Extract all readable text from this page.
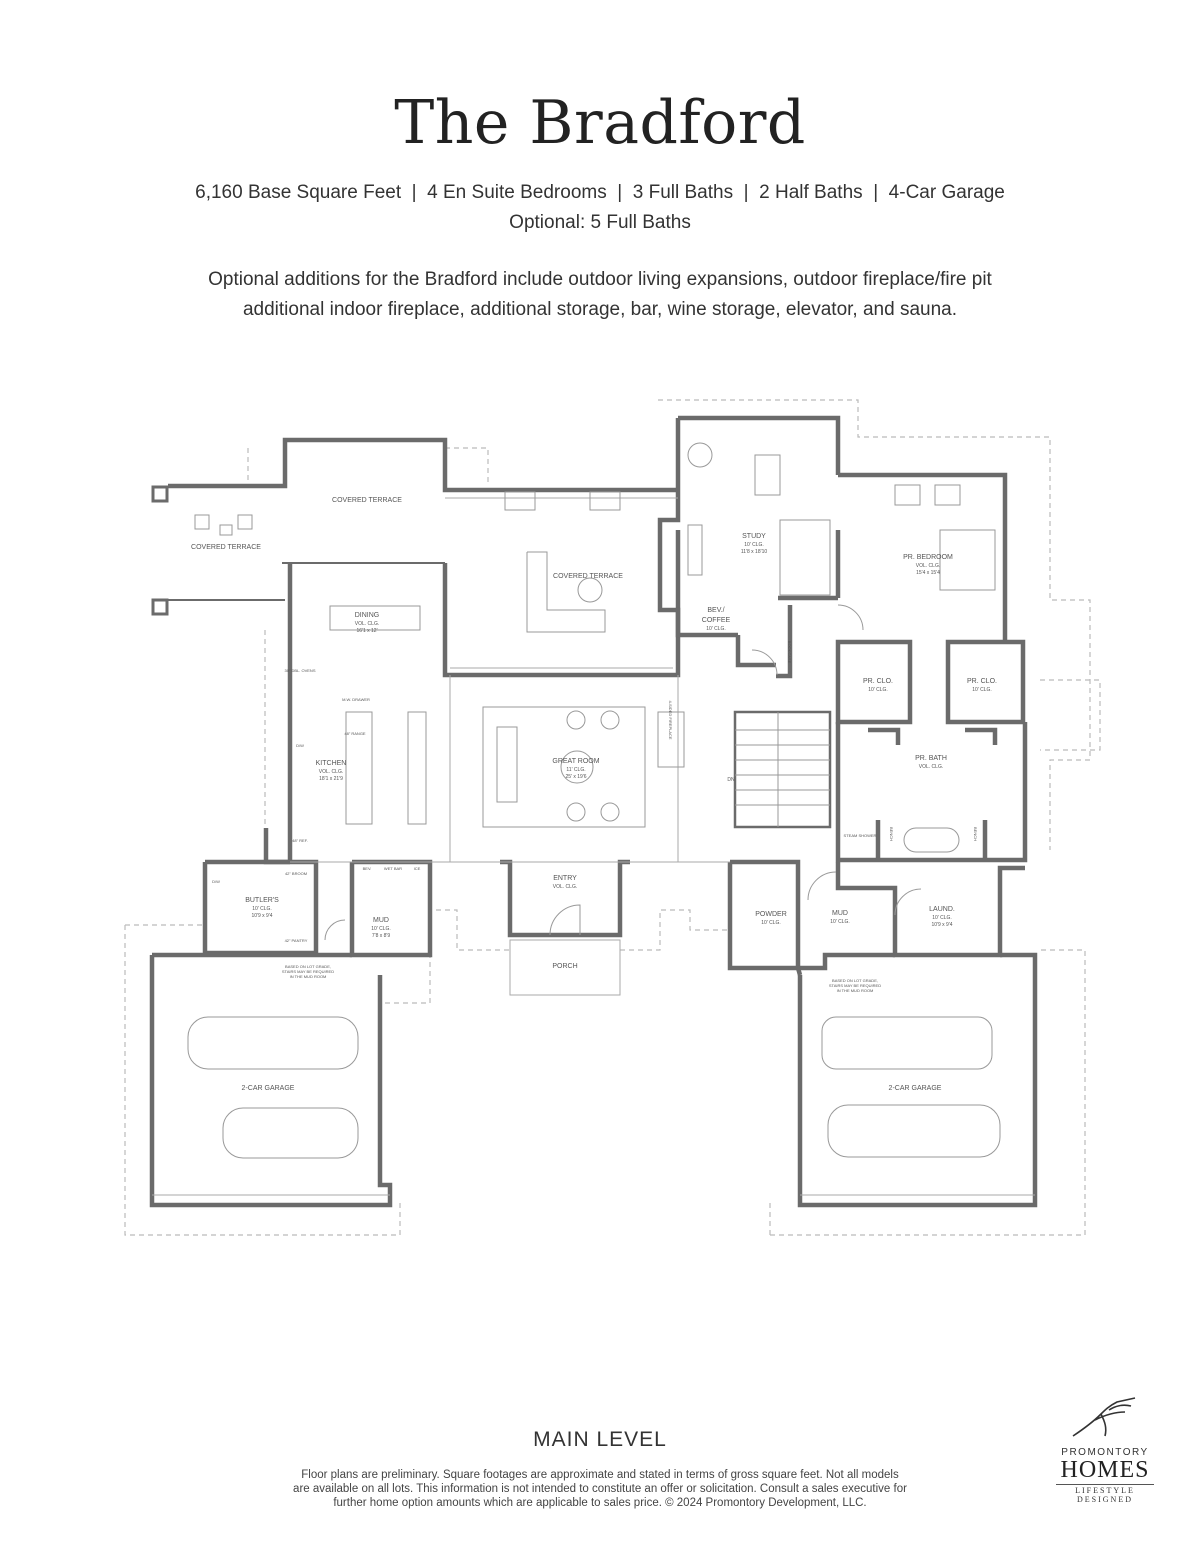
The Bradford
6,160 Base Square Feet  |  4 En Suite Bedrooms  |  3 Full Baths  |  2 Half Baths  |  4-Car Garage
Optional: 5 Full Baths
Optional additions for the Bradford include outdoor living expansions, outdoor fireplace/fire pit
additional indoor fireplace, additional storage, bar, wine storage, elevator, and sauna.
COVERED TERRACE
COVERED TERRACE
COVERED TERRACE
STUDY
10' CLG.
11'8 x 18'10
PR. BEDROOM
VOL. CLG.
15'4 x 15'4
DINING
VOL. CLG.
16'1 x 12'
BEV./
COFFEE
10' CLG.
BOOKCASE
PR. CLO.
10' CLG.
PR. CLO.
10' CLG.
KITCHEN
VOL. CLG.
18'1 x 21'9
GREAT ROOM
11' CLG.
25' x 19'6
4-SIDED FIREPLACE
PR. BATH
VOL. CLG.
STEAM SHOWER	BENCH	BENCH
DN
30" DBL. OVENS
D/W
48" REF.
48" RANGE
M.W. DRAWER
BUTLER'S
10' CLG.
10'9 x 9'4
D/W
42" BROOM
42" PANTRY
BEV.	WET BAR	ICE
MUD
10' CLG.
7'8 x 8'9
ENTRY
VOL. CLG.
PORCH
POWDER
10' CLG.
MUD
10' CLG.
LAUND.
10' CLG.
10'9 x 9'4
BASED ON LOT GRADE,
STAIRS MAY BE REQUIRED
IN THE MUD ROOM
BASED ON LOT GRADE,
STAIRS MAY BE REQUIRED
IN THE MUD ROOM
2-CAR GARAGE	2-CAR GARAGE
MAIN LEVEL
Floor plans are preliminary. Square footages are approximate and stated in terms of gross square feet. Not all models
are available on all lots. This information is not intended to constitute an offer or solicitation. Consult a sales executive for
further home option amounts which are applicable to sales price. © 2024 Promontory Development, LLC.
PROMONTORY
HOMES
LIFESTYLE DESIGNED
